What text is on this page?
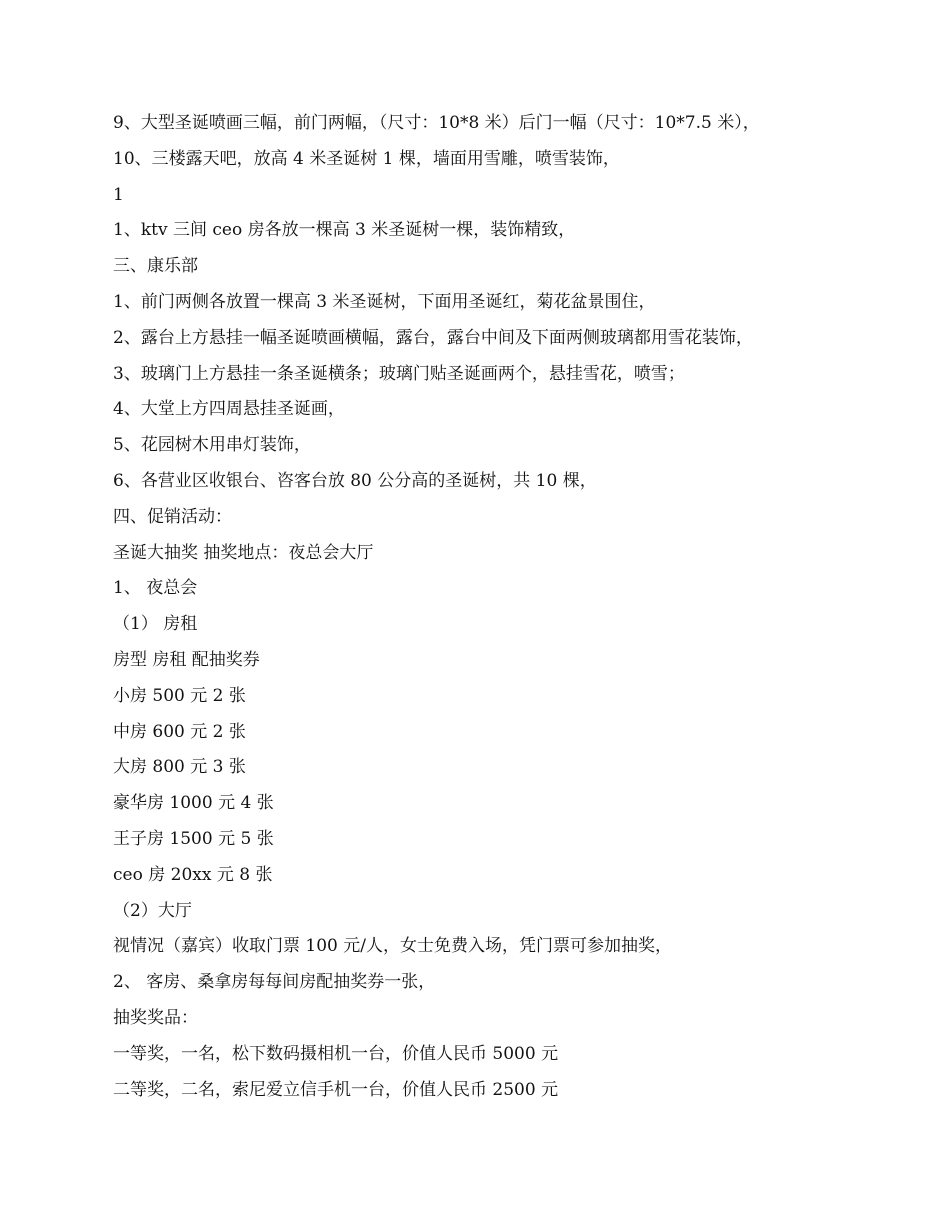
9、大型圣诞喷画三幅，前门两幅，（尺寸：10*8 米）后门一幅（尺寸：10*7.5 米），
10、三楼露天吧，放高 4 米圣诞树 1 棵，墙面用雪雕，喷雪装饰，
1
1、ktv 三间 ceo 房各放一棵高 3 米圣诞树一棵，装饰精致，
三、康乐部
1、前门两侧各放置一棵高 3 米圣诞树，下面用圣诞红，菊花盆景围住，
2、露台上方悬挂一幅圣诞喷画横幅，露台，露台中间及下面两侧玻璃都用雪花装饰，
3、玻璃门上方悬挂一条圣诞横条；玻璃门贴圣诞画两个，悬挂雪花，喷雪；
4、大堂上方四周悬挂圣诞画，
5、花园树木用串灯装饰，
6、各营业区收银台、咨客台放 80 公分高的圣诞树，共 10 棵，
四、促销活动：
圣诞大抽奖 抽奖地点：夜总会大厅
1、 夜总会
（1） 房租
房型 房租 配抽奖券
小房 500 元 2 张
中房 600 元 2 张
大房 800 元 3 张
豪华房 1000 元 4 张
王子房 1500 元 5 张
ceo 房 20xx 元 8 张
（2）大厅
视情况（嘉宾）收取门票 100 元/人，女士免费入场，凭门票可参加抽奖，
2、 客房、桑拿房每每间房配抽奖券一张，
抽奖奖品：
一等奖，一名，松下数码摄相机一台，价值人民币 5000 元
二等奖，二名，索尼爱立信手机一台，价值人民币 2500 元
